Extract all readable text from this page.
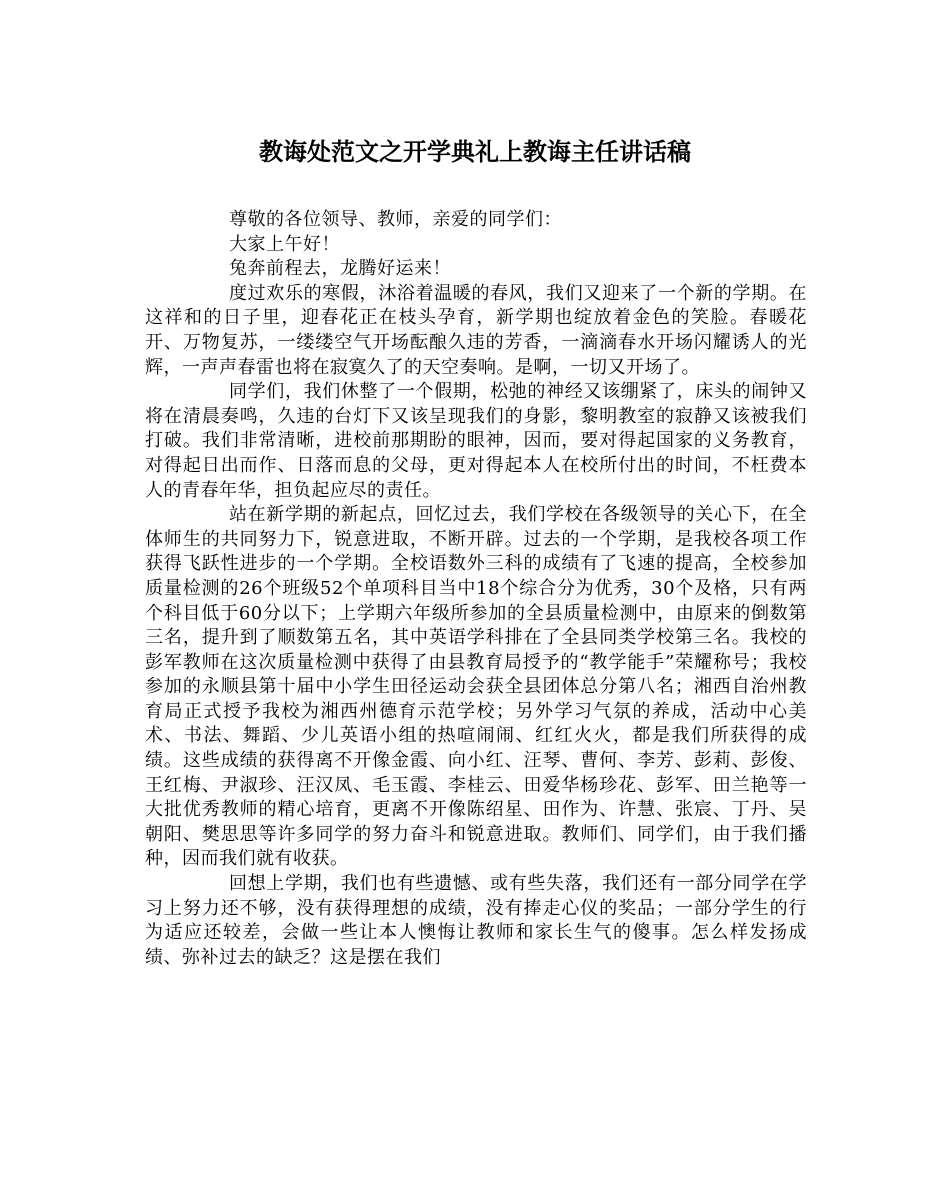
教诲处范文之开学典礼上教诲主任讲话稿

尊敬的各位领导、教师，亲爱的同学们：

大家上午好！

兔奔前程去，龙腾好运来！

度过欢乐的寒假，沐浴着温暖的春风，我们又迎来了一个新的学期。在这祥和的日子里，迎春花正在枝头孕育，新学期也绽放着金色的笑脸。春暖花开、万物复苏，一缕缕空气开场酝酿久违的芳香，一滴滴春水开场闪耀诱人的光辉，一声声春雷也将在寂寞久了的天空奏响。是啊，一切又开场了。

同学们，我们休整了一个假期，松弛的神经又该绷紧了，床头的闹钟又将在清晨奏鸣，久违的台灯下又该呈现我们的身影，黎明教室的寂静又该被我们打破。我们非常清晰，进校前那期盼的眼神，因而，要对得起国家的义务教育，对得起日出而作、日落而息的父母，更对得起本人在校所付出的时间，不枉费本人的青春年华，担负起应尽的责任。

站在新学期的新起点，回忆过去，我们学校在各级领导的关心下，在全体师生的共同努力下，锐意进取，不断开辟。过去的一个学期，是我校各项工作获得飞跃性进步的一个学期。全校语数外三科的成绩有了飞速的提高，全校参加质量检测的26个班级52个单项科目当中18个综合分为优秀，30个及格，只有两个科目低于60分以下；上学期六年级所参加的全县质量检测中，由原来的倒数第三名，提升到了顺数第五名，其中英语学科排在了全县同类学校第三名。我校的彭军教师在这次质量检测中获得了由县教育局授予的“教学能手”荣耀称号；我校参加的永顺县第十届中小学生田径运动会获全县团体总分第八名；湘西自治州教育局正式授予我校为湘西州德育示范学校；另外学习气氛的养成，活动中心美术、书法、舞蹈、少儿英语小组的热喧闹闹、红红火火，都是我们所获得的成绩。这些成绩的获得离不开像金霞、向小红、汪琴、曹何、李芳、彭莉、彭俊、王红梅、尹淑珍、汪汉凤、毛玉霞、李桂云、田爱华杨珍花、彭军、田兰艳等一大批优秀教师的精心培育，更离不开像陈绍星、田作为、许慧、张宸、丁丹、吴朝阳、樊思思等许多同学的努力奋斗和锐意进取。教师们、同学们，由于我们播种，因而我们就有收获。

回想上学期，我们也有些遗憾、或有些失落，我们还有一部分同学在学习上努力还不够，没有获得理想的成绩，没有捧走心仪的奖品；一部分学生的行为适应还较差，会做一些让本人懊悔让教师和家长生气的傻事。怎么样发扬成绩、弥补过去的缺乏？这是摆在我们
